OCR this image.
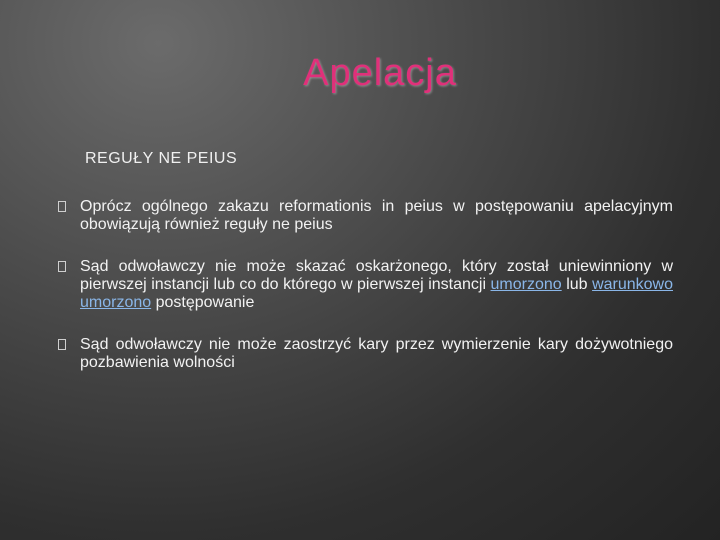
Apelacja
REGUŁY NE PEIUS
Oprócz ogólnego zakazu reformationis in peius w postępowaniu apelacyjnym obowiązują również reguły ne peius
Sąd odwoławczy nie może skazać oskarżonego, który został uniewinniony w pierwszej instancji lub co do którego w pierwszej instancji umorzono lub warunkowo umorzono postępowanie
Sąd odwoławczy nie może zaostrzyć kary przez wymierzenie kary dożywotniego pozbawienia wolności
